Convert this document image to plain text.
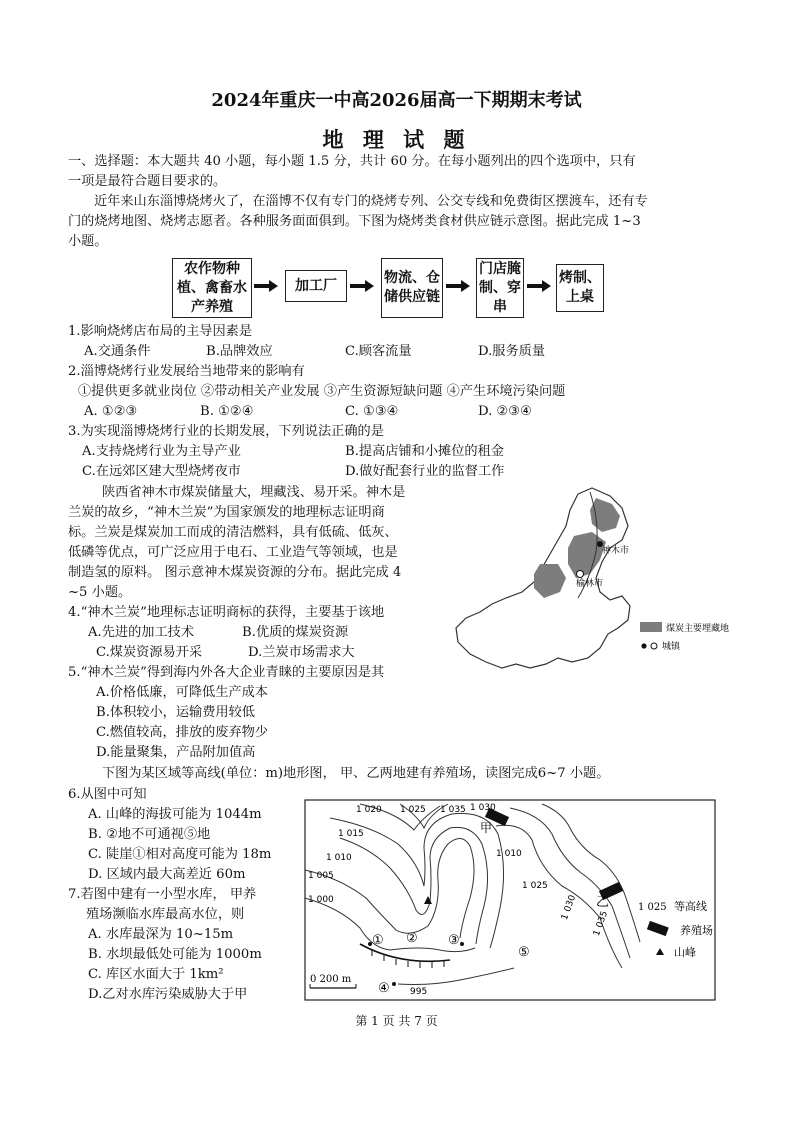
2024年重庆一中高2026届高一下期期末考试
地 理 试 题
一、选择题：本大题共 40 小题，每小题 1.5 分，共计 60 分。在每小题列出的四个选项中，只有
一项是最符合题目要求的。
近年来山东淄博烧烤火了，在淄博不仅有专门的烧烤专列、公交专线和免费街区摆渡车，还有专
门的烧烤地图、烧烤志愿者。各种服务面面俱到。下图为烧烤类食材供应链示意图。据此完成 1~3
小题。
农作物种植、禽畜水产养殖
加工厂	物流、仓储供应链
门店腌制、穿串
烤制、上桌
1.影响烧烤店布局的主导因素是
A.交通条件	B.品牌效应	C.顾客流量	D.服务质量
2.淄博烧烤行业发展给当地带来的影响有
①提供更多就业岗位 ②带动相关产业发展 ③产生资源短缺问题 ④产生环境污染问题
A. ①②③	B. ①②④	C. ①③④	D. ②③④
3.为实现淄博烧烤行业的长期发展，下列说法正确的是
A.支持烧烤行业为主导产业	B.提高店铺和小摊位的租金
C.在远郊区建大型烧烤夜市	D.做好配套行业的监督工作
陕西省神木市煤炭储量大，埋藏浅、易开采。神木是
兰炭的故乡，“神木兰炭”为国家颁发的地理标志证明商
标。兰炭是煤炭加工而成的清洁燃料，具有低硫、低灰、
低磷等优点，可广泛应用于电石、工业造气等领域，也是
制造氢的原料。 图示意神木煤炭资源的分布。据此完成 4
~5 小题。
神木市
榆林市
煤炭主要埋藏地
城镇
4.“神木兰炭”地理标志证明商标的获得，主要基于该地
A.先进的加工技术	B.优质的煤炭资源
C.煤炭资源易开采	D.兰炭市场需求大
5.“神木兰炭”得到海内外各大企业青睐的主要原因是其
A.价格低廉，可降低生产成本
B.体积较小，运输费用较低
C.燃值较高，排放的废弃物少
D.能量聚集，产品附加值高
下图为某区域等高线(单位：m)地形图， 甲、乙两地建有养殖场，读图完成6~7 小题。
6.从图中可知
A. 山峰的海拔可能为 1044m
B. ②地不可通视⑤地
C. 陡崖①相对高度可能为 18m
D. 区域内最大高差近 60m
7.若图中建有一小型水库， 甲养
殖场濒临水库最高水位，则
A. 水库最深为 10~15m
B. 水坝最低处可能为 1000m
C. 库区水面大于 1km²
D.乙对水库污染威胁大于甲
1 020 1 025 1 035 1 030
1 015
1 010	1 010
1 005
1 000
1 025
1 030
1 035
995
甲
乙
① ② ③
④
⑤
0 200 m
1 025 等高线
养殖场
山峰
第 1 页 共 7 页
